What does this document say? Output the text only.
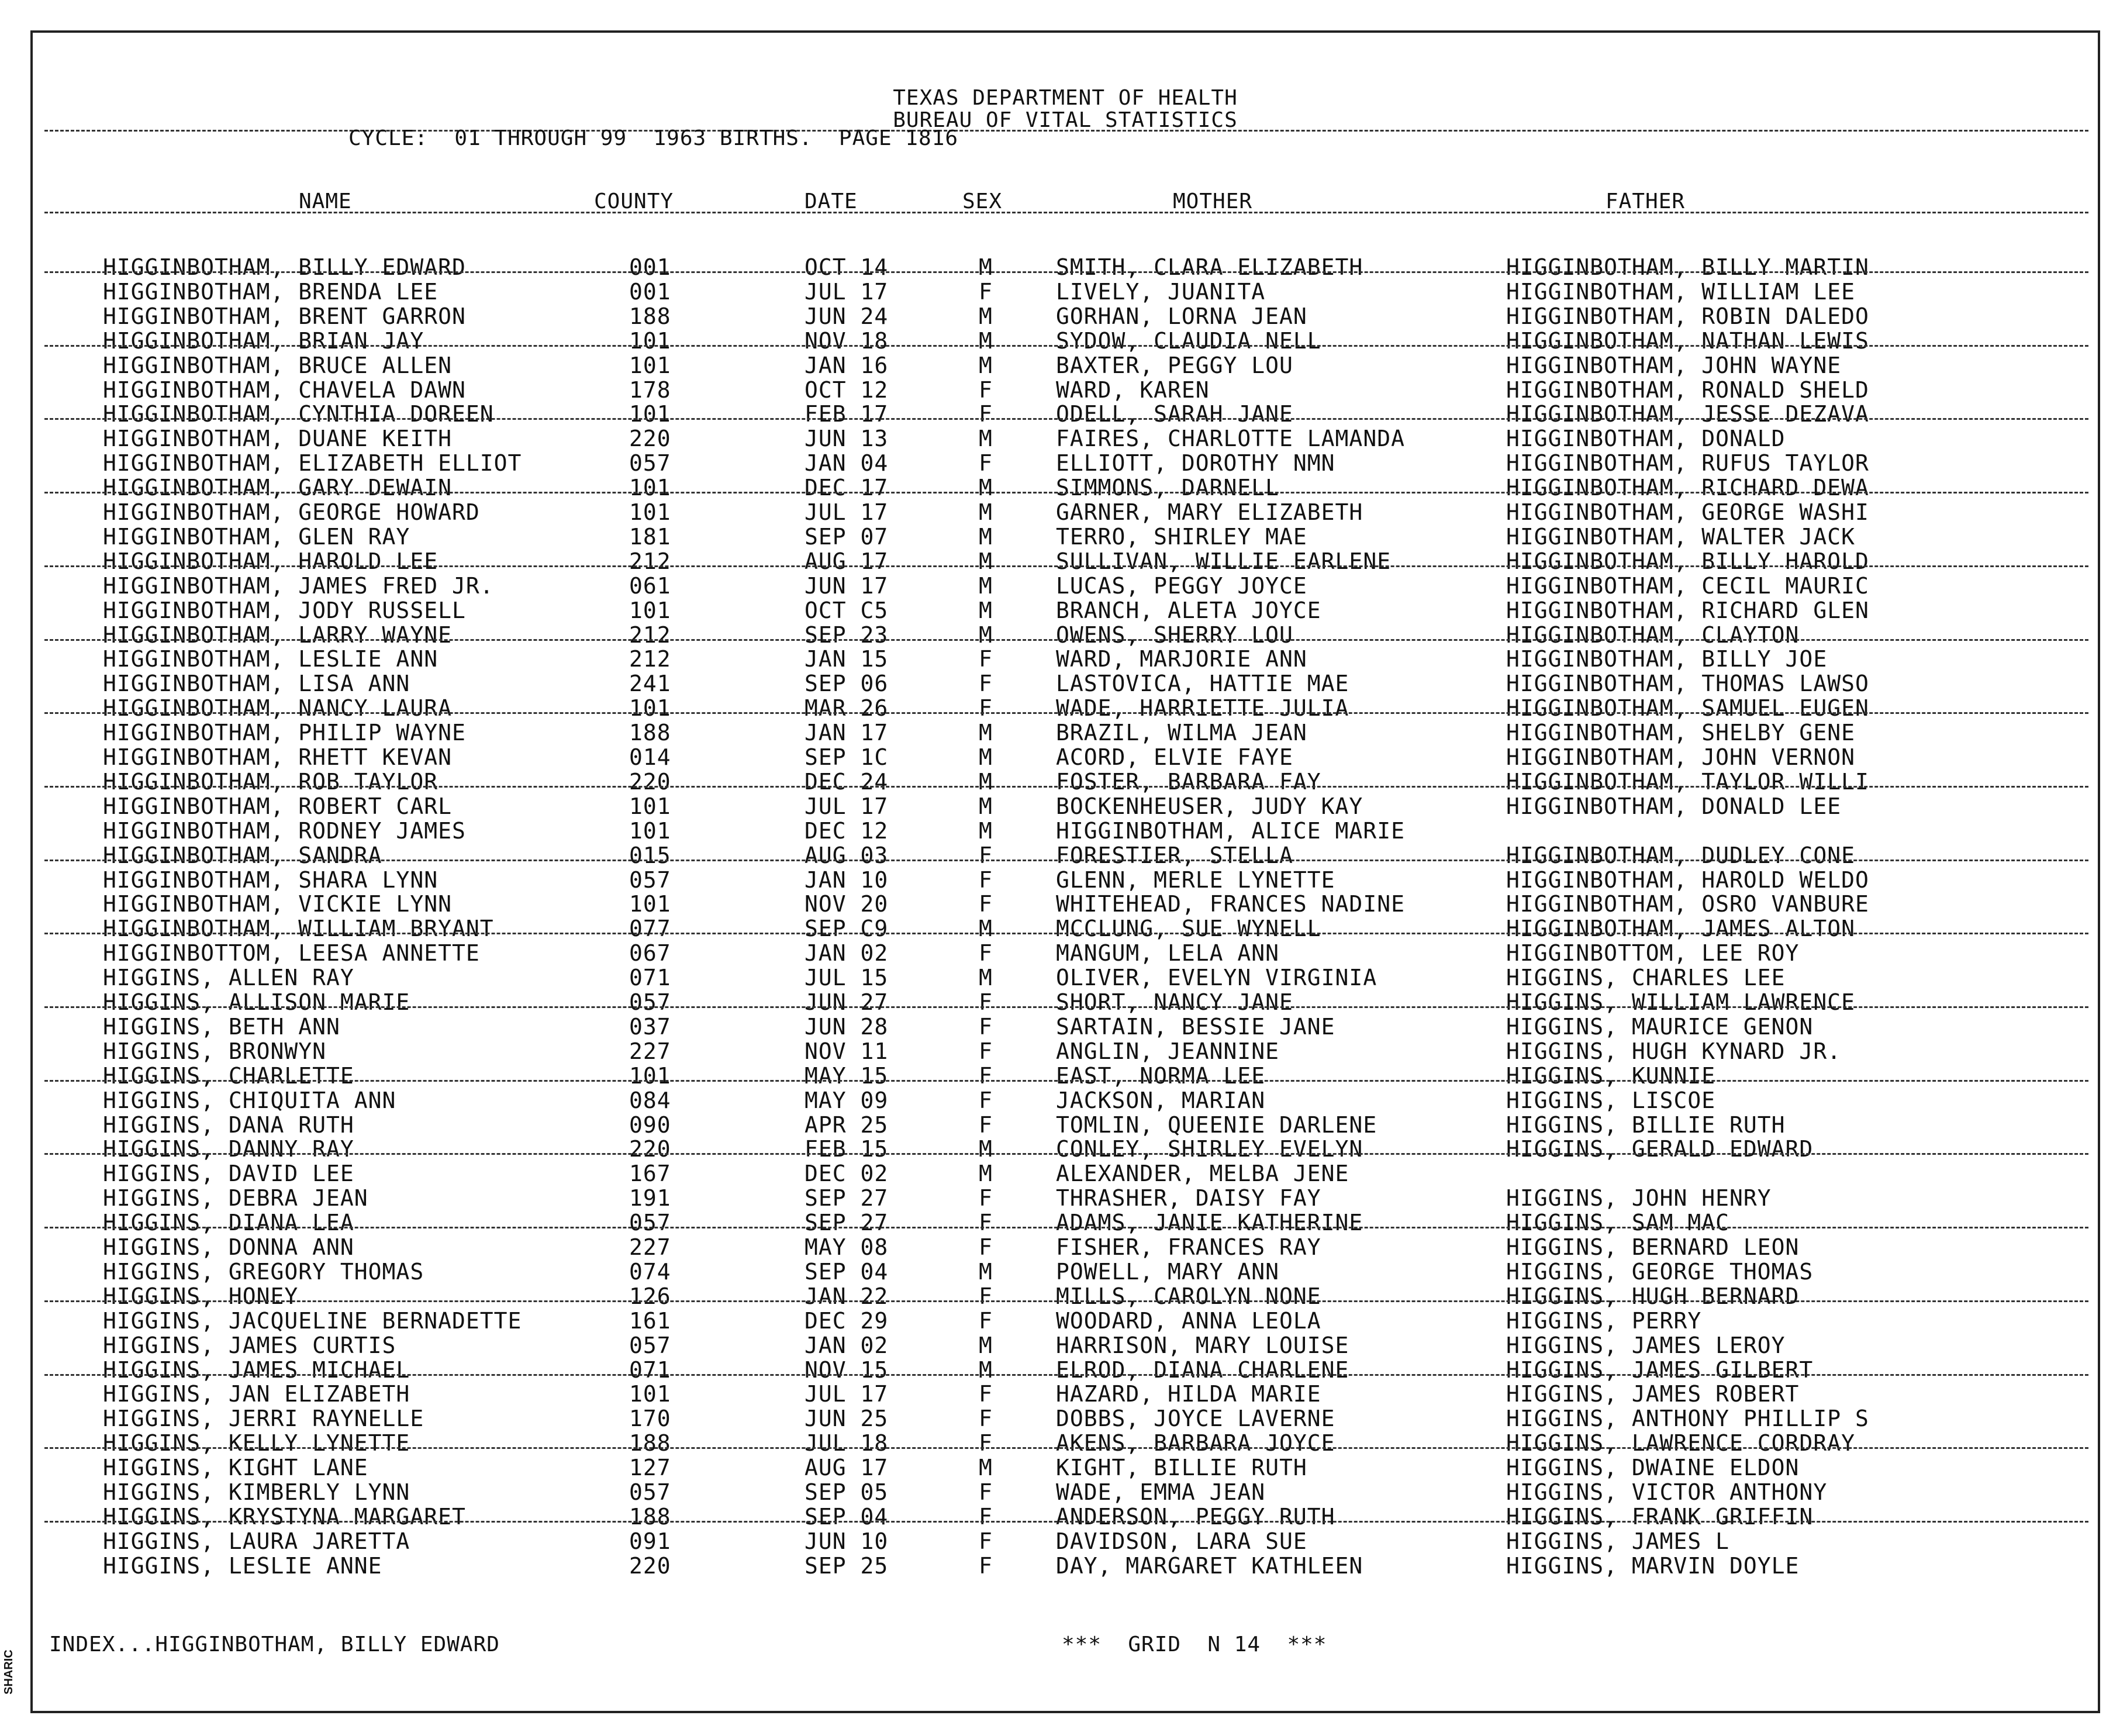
TEXAS DEPARTMENT OF HEALTH
BUREAU OF VITAL STATISTICS
CYCLE:  01 THROUGH 99  1963 BIRTHS.  PAGE 1816
NAME	COUNTY	DATE	SEX	MOTHER	FATHER
HIGGINBOTHAM, BILLY EDWARD	001	OCT 14	M	SMITH, CLARA ELIZABETH	HIGGINBOTHAM, BILLY MARTIN
HIGGINBOTHAM, BRENDA LEE	001	JUL 17	F	LIVELY, JUANITA	HIGGINBOTHAM, WILLIAM LEE
HIGGINBOTHAM, BRENT GARRON	188	JUN 24	M	GORHAN, LORNA JEAN	HIGGINBOTHAM, ROBIN DALEDO
HIGGINBOTHAM, BRIAN JAY	101	NOV 18	M	SYDOW, CLAUDIA NELL	HIGGINBOTHAM, NATHAN LEWIS
HIGGINBOTHAM, BRUCE ALLEN	101	JAN 16	M	BAXTER, PEGGY LOU	HIGGINBOTHAM, JOHN WAYNE
HIGGINBOTHAM, CHAVELA DAWN	178	OCT 12	F	WARD, KAREN	HIGGINBOTHAM, RONALD SHELD
HIGGINBOTHAM, CYNTHIA DOREEN	101	FEB 17	F	ODELL, SARAH JANE	HIGGINBOTHAM, JESSE DEZAVA
HIGGINBOTHAM, DUANE KEITH	220	JUN 13	M	FAIRES, CHARLOTTE LAMANDA	HIGGINBOTHAM, DONALD
HIGGINBOTHAM, ELIZABETH ELLIOT	057	JAN 04	F	ELLIOTT, DOROTHY NMN	HIGGINBOTHAM, RUFUS TAYLOR
HIGGINBOTHAM, GARY DEWAIN	101	DEC 17	M	SIMMONS, DARNELL	HIGGINBOTHAM, RICHARD DEWA
HIGGINBOTHAM, GEORGE HOWARD	101	JUL 17	M	GARNER, MARY ELIZABETH	HIGGINBOTHAM, GEORGE WASHI
HIGGINBOTHAM, GLEN RAY	181	SEP 07	M	TERRO, SHIRLEY MAE	HIGGINBOTHAM, WALTER JACK
HIGGINBOTHAM, HAROLD LEE	212	AUG 17	M	SULLIVAN, WILLIE EARLENE	HIGGINBOTHAM, BILLY HAROLD
HIGGINBOTHAM, JAMES FRED JR.	061	JUN 17	M	LUCAS, PEGGY JOYCE	HIGGINBOTHAM, CECIL MAURIC
HIGGINBOTHAM, JODY RUSSELL	101	OCT C5	M	BRANCH, ALETA JOYCE	HIGGINBOTHAM, RICHARD GLEN
HIGGINBOTHAM, LARRY WAYNE	212	SEP 23	M	OWENS, SHERRY LOU	HIGGINBOTHAM, CLAYTON
HIGGINBOTHAM, LESLIE ANN	212	JAN 15	F	WARD, MARJORIE ANN	HIGGINBOTHAM, BILLY JOE
HIGGINBOTHAM, LISA ANN	241	SEP 06	F	LASTOVICA, HATTIE MAE	HIGGINBOTHAM, THOMAS LAWSO
HIGGINBOTHAM, NANCY LAURA	101	MAR 26	F	WADE, HARRIETTE JULIA	HIGGINBOTHAM, SAMUEL EUGEN
HIGGINBOTHAM, PHILIP WAYNE	188	JAN 17	M	BRAZIL, WILMA JEAN	HIGGINBOTHAM, SHELBY GENE
HIGGINBOTHAM, RHETT KEVAN	014	SEP 1C	M	ACORD, ELVIE FAYE	HIGGINBOTHAM, JOHN VERNON
HIGGINBOTHAM, ROB TAYLOR	220	DEC 24	M	FOSTER, BARBARA FAY	HIGGINBOTHAM, TAYLOR WILLI
HIGGINBOTHAM, ROBERT CARL	101	JUL 17	M	BOCKENHEUSER, JUDY KAY	HIGGINBOTHAM, DONALD LEE
HIGGINBOTHAM, RODNEY JAMES	101	DEC 12	M	HIGGINBOTHAM, ALICE MARIE
HIGGINBOTHAM, SANDRA	015	AUG 03	F	FORESTIER, STELLA	HIGGINBOTHAM, DUDLEY CONE
HIGGINBOTHAM, SHARA LYNN	057	JAN 10	F	GLENN, MERLE LYNETTE	HIGGINBOTHAM, HAROLD WELDO
HIGGINBOTHAM, VICKIE LYNN	101	NOV 20	F	WHITEHEAD, FRANCES NADINE	HIGGINBOTHAM, OSRO VANBURE
HIGGINBOTHAM, WILLIAM BRYANT	077	SEP C9	M	MCCLUNG, SUE WYNELL	HIGGINBOTHAM, JAMES ALTON
HIGGINBOTTOM, LEESA ANNETTE	067	JAN 02	F	MANGUM, LELA ANN	HIGGINBOTTOM, LEE ROY
HIGGINS, ALLEN RAY	071	JUL 15	M	OLIVER, EVELYN VIRGINIA	HIGGINS, CHARLES LEE
HIGGINS, ALLISON MARIE	057	JUN 27	F	SHORT, NANCY JANE	HIGGINS, WILLIAM LAWRENCE
HIGGINS, BETH ANN	037	JUN 28	F	SARTAIN, BESSIE JANE	HIGGINS, MAURICE GENON
HIGGINS, BRONWYN	227	NOV 11	F	ANGLIN, JEANNINE	HIGGINS, HUGH KYNARD JR.
HIGGINS, CHARLETTE	101	MAY 15	F	EAST, NORMA LEE	HIGGINS, KUNNIE
HIGGINS, CHIQUITA ANN	084	MAY 09	F	JACKSON, MARIAN	HIGGINS, LISCOE
HIGGINS, DANA RUTH	090	APR 25	F	TOMLIN, QUEENIE DARLENE	HIGGINS, BILLIE RUTH
HIGGINS, DANNY RAY	220	FEB 15	M	CONLEY, SHIRLEY EVELYN	HIGGINS, GERALD EDWARD
HIGGINS, DAVID LEE	167	DEC 02	M	ALEXANDER, MELBA JENE
HIGGINS, DEBRA JEAN	191	SEP 27	F	THRASHER, DAISY FAY	HIGGINS, JOHN HENRY
HIGGINS, DIANA LEA	057	SEP 27	F	ADAMS, JANIE KATHERINE	HIGGINS, SAM MAC
HIGGINS, DONNA ANN	227	MAY 08	F	FISHER, FRANCES RAY	HIGGINS, BERNARD LEON
HIGGINS, GREGORY THOMAS	074	SEP 04	M	POWELL, MARY ANN	HIGGINS, GEORGE THOMAS
HIGGINS, HONEY	126	JAN 22	F	MILLS, CAROLYN NONE	HIGGINS, HUGH BERNARD
HIGGINS, JACQUELINE BERNADETTE	161	DEC 29	F	WOODARD, ANNA LEOLA	HIGGINS, PERRY
HIGGINS, JAMES CURTIS	057	JAN 02	M	HARRISON, MARY LOUISE	HIGGINS, JAMES LEROY
HIGGINS, JAMES MICHAEL	071	NOV 15	M	ELROD, DIANA CHARLENE	HIGGINS, JAMES GILBERT
HIGGINS, JAN ELIZABETH	101	JUL 17	F	HAZARD, HILDA MARIE	HIGGINS, JAMES ROBERT
HIGGINS, JERRI RAYNELLE	170	JUN 25	F	DOBBS, JOYCE LAVERNE	HIGGINS, ANTHONY PHILLIP S
HIGGINS, KELLY LYNETTE	188	JUL 18	F	AKENS, BARBARA JOYCE	HIGGINS, LAWRENCE CORDRAY
HIGGINS, KIGHT LANE	127	AUG 17	M	KIGHT, BILLIE RUTH	HIGGINS, DWAINE ELDON
HIGGINS, KIMBERLY LYNN	057	SEP 05	F	WADE, EMMA JEAN	HIGGINS, VICTOR ANTHONY
HIGGINS, KRYSTYNA MARGARET	188	SEP 04	F	ANDERSON, PEGGY RUTH	HIGGINS, FRANK GRIFFIN
HIGGINS, LAURA JARETTA	091	JUN 10	F	DAVIDSON, LARA SUE	HIGGINS, JAMES L
HIGGINS, LESLIE ANNE	220	SEP 25	F	DAY, MARGARET KATHLEEN	HIGGINS, MARVIN DOYLE
INDEX...HIGGINBOTHAM, BILLY EDWARD	***  GRID  N 14  ***
SHARIC
